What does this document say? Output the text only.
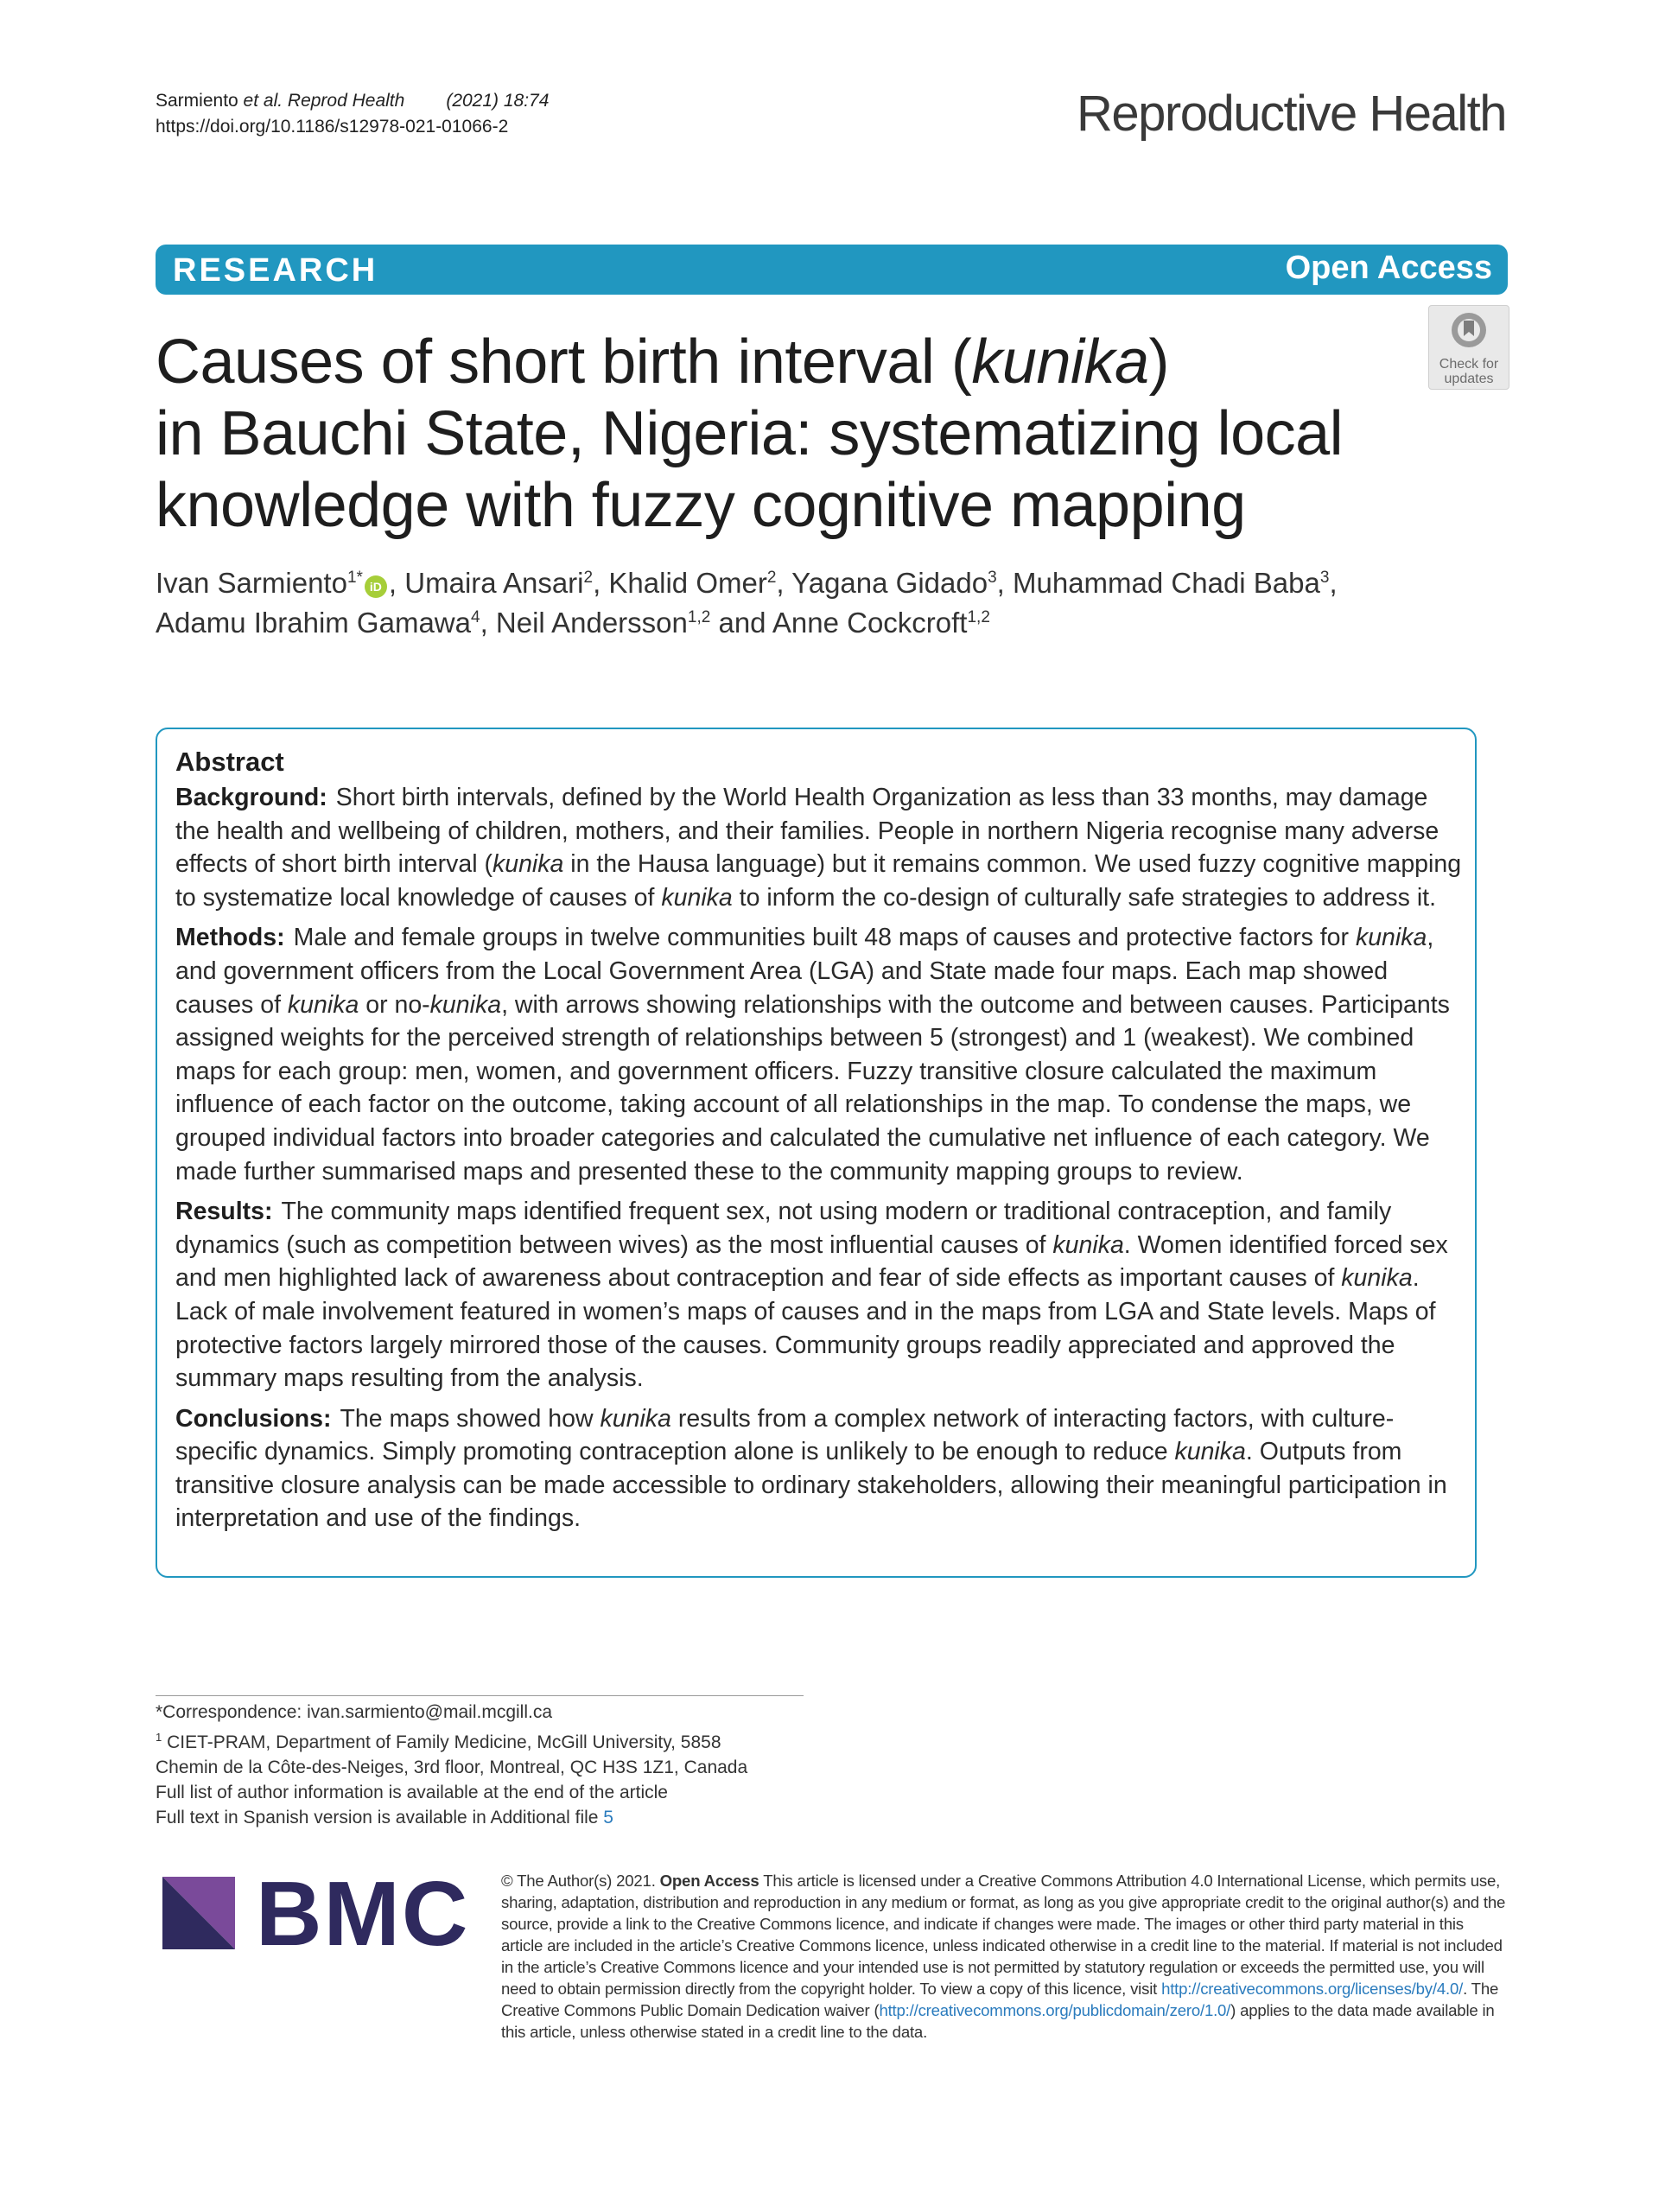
Sarmiento et al. Reprod Health (2021) 18:74
https://doi.org/10.1186/s12978-021-01066-2	Reproductive Health
RESEARCH	Open Access
Causes of short birth interval (kunika)
in Bauchi State, Nigeria: systematizing local
knowledge with fuzzy cognitive mapping
Check for
updates
Ivan Sarmiento$^{1*}$ iD , Umaira Ansari$^2$, Khalid Omer$^2$, Yagana Gidado$^3$, Muhammad Chadi Baba$^3$,
Adamu Ibrahim Gamawa$^4$, Neil Andersson$^{1,2}$ and Anne Cockcroft$^{1,2}$
Abstract

Background: Short birth intervals, defined by the World Health Organization as less than 33 months, may damage the health and wellbeing of children, mothers, and their families. People in northern Nigeria recognise many adverse effects of short birth interval (kunika in the Hausa language) but it remains common. We used fuzzy cognitive mapping to systematize local knowledge of causes of kunika to inform the co-design of culturally safe strategies to address it.

Methods: Male and female groups in twelve communities built 48 maps of causes and protective factors for kunika, and government officers from the Local Government Area (LGA) and State made four maps. Each map showed causes of kunika or no-kunika, with arrows showing relationships with the outcome and between causes. Participants assigned weights for the perceived strength of relationships between 5 (strongest) and 1 (weakest). We combined maps for each group: men, women, and government officers. Fuzzy transitive closure calculated the maximum influence of each factor on the outcome, taking account of all relationships in the map. To condense the maps, we grouped individual factors into broader categories and calculated the cumulative net influence of each category. We made further summarised maps and presented these to the community mapping groups to review.

Results: The community maps identified frequent sex, not using modern or traditional contraception, and family dynamics (such as competition between wives) as the most influential causes of kunika. Women identified forced sex and men highlighted lack of awareness about contraception and fear of side effects as important causes of kunika. Lack of male involvement featured in women’s maps of causes and in the maps from LGA and State levels. Maps of protective factors largely mirrored those of the causes. Community groups readily appreciated and approved the summary maps resulting from the analysis.

Conclusions: The maps showed how kunika results from a complex network of interacting factors, with culture-specific dynamics. Simply promoting contraception alone is unlikely to be enough to reduce kunika. Outputs from transitive closure analysis can be made accessible to ordinary stakeholders, allowing their meaningful participation in interpretation and use of the findings.

*Correspondence: ivan.sarmiento@mail.mcgill.ca
$^1$ CIET-PRAM, Department of Family Medicine, McGill University, 5858
Chemin de la Côte-des-Neiges, 3rd floor, Montreal, QC H3S 1Z1, Canada
Full list of author information is available at the end of the article
Full text in Spanish version is available in Additional file 5
BMC © The Author(s) 2021. Open Access This article is licensed under a Creative Commons Attribution 4.0 International License, which permits use, sharing, adaptation, distribution and reproduction in any medium or format, as long as you give appropriate credit to the original author(s) and the source, provide a link to the Creative Commons licence, and indicate if changes were made. The images or other third party material in this article are included in the article’s Creative Commons licence, unless indicated otherwise in a credit line to the material. If material is not included in the article’s Creative Commons licence and your intended use is not permitted by statutory regulation or exceeds the permitted use, you will need to obtain permission directly from the copyright holder. To view a copy of this licence, visit http://creativecommons.org/licenses/by/4.0/. The Creative Commons Public Domain Dedication waiver (http://creativecommons.org/publicdomain/zero/1.0/) applies to the data made available in this article, unless otherwise stated in a credit line to the data.
